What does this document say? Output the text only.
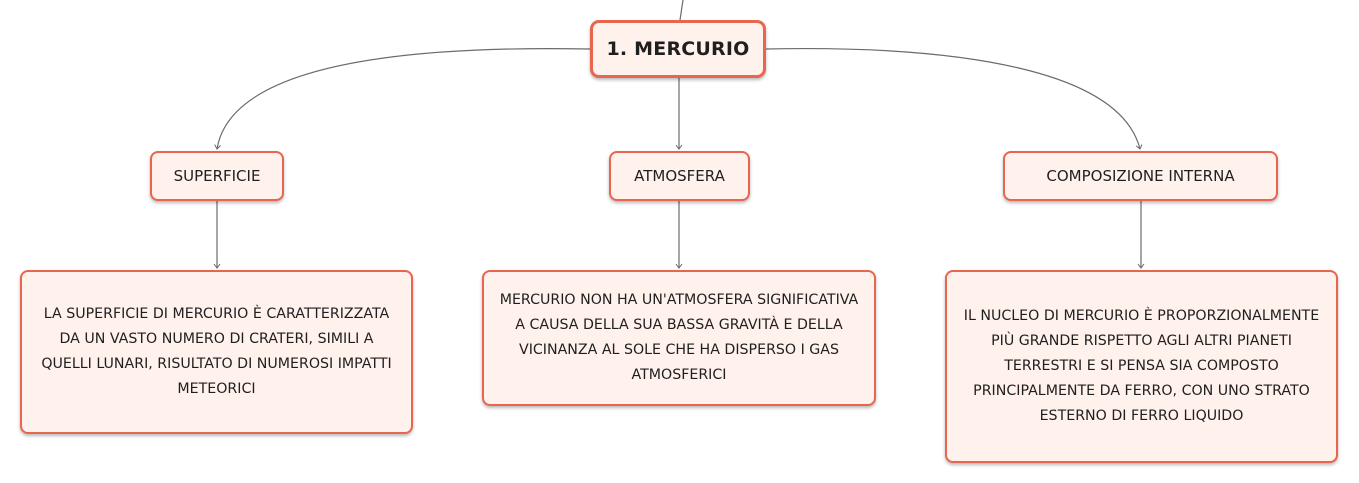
1. MERCURIO
SUPERFICIE	ATMOSFERA	COMPOSIZIONE INTERNA
LA SUPERFICIE DI MERCURIO È CARATTERIZZATA DA UN VASTO NUMERO DI CRATERI, SIMILI A QUELLI LUNARI, RISULTATO DI NUMEROSI IMPATTI METEORICI
MERCURIO NON HA UN'ATMOSFERA SIGNIFICATIVA A CAUSA DELLA SUA BASSA GRAVITÀ E DELLA VICINANZA AL SOLE CHE HA DISPERSO I GAS ATMOSFERICI
IL NUCLEO DI MERCURIO È PROPORZIONALMENTE PIÙ GRANDE RISPETTO AGLI ALTRI PIANETI TERRESTRI E SI PENSA SIA COMPOSTO PRINCIPALMENTE DA FERRO, CON UNO STRATO ESTERNO DI FERRO LIQUIDO
